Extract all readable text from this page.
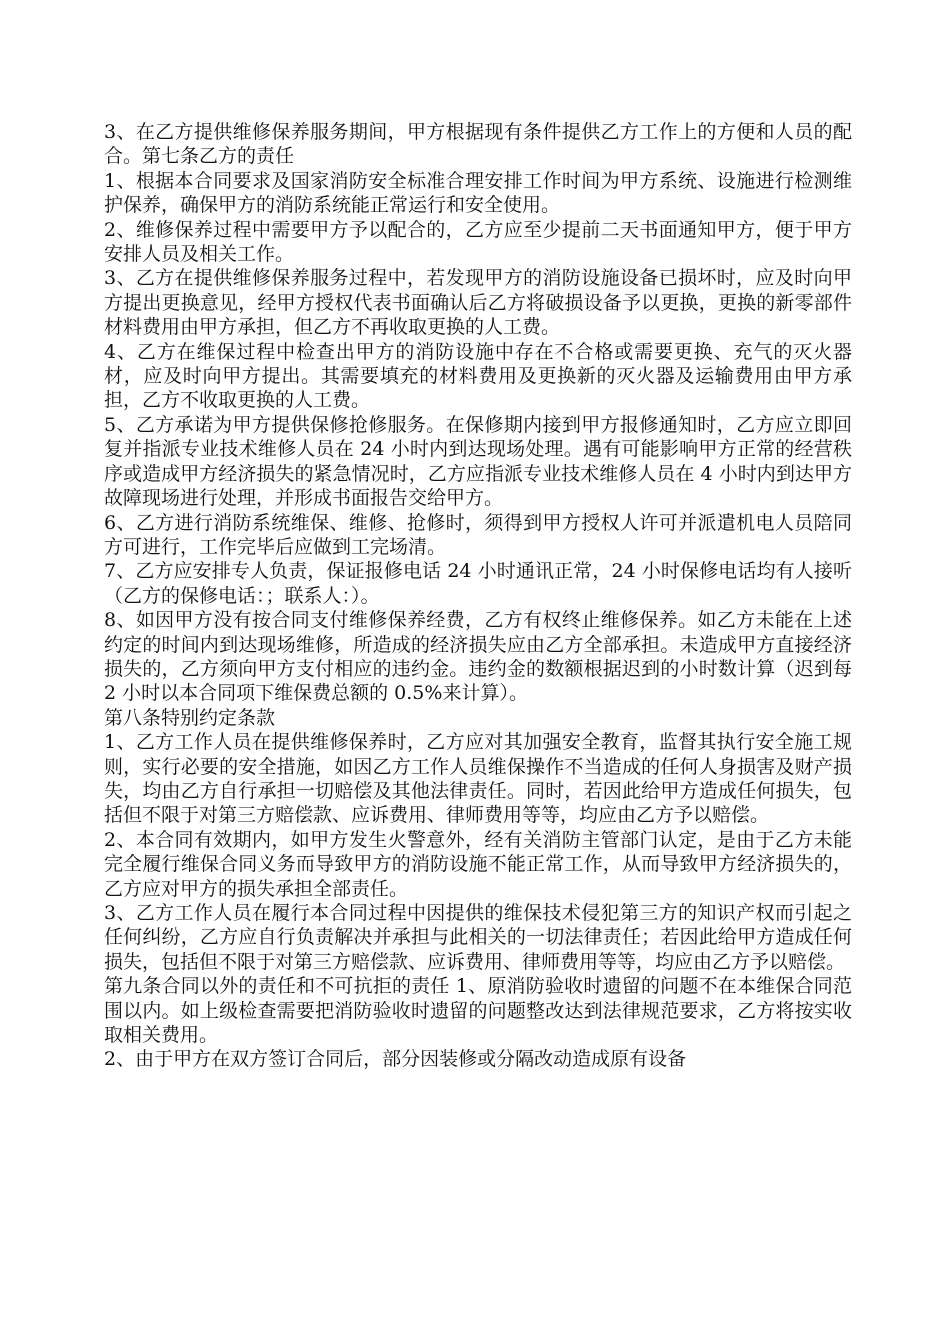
3、在乙方提供维修保养服务期间，甲方根据现有条件提供乙方工作上的方便和人员的配合。第七条乙方的责任

1、根据本合同要求及国家消防安全标准合理安排工作时间为甲方系统、设施进行检测维护保养，确保甲方的消防系统能正常运行和安全使用。

2、维修保养过程中需要甲方予以配合的，乙方应至少提前二天书面通知甲方，便于甲方安排人员及相关工作。

3、乙方在提供维修保养服务过程中，若发现甲方的消防设施设备已损坏时，应及时向甲方提出更换意见，经甲方授权代表书面确认后乙方将破损设备予以更换，更换的新零部件材料费用由甲方承担，但乙方不再收取更换的人工费。

4、乙方在维保过程中检查出甲方的消防设施中存在不合格或需要更换、充气的灭火器材，应及时向甲方提出。其需要填充的材料费用及更换新的灭火器及运输费用由甲方承担，乙方不收取更换的人工费。

5、乙方承诺为甲方提供保修抢修服务。在保修期内接到甲方报修通知时，乙方应立即回复并指派专业技术维修人员在 24 小时内到达现场处理。遇有可能影响甲方正常的经营秩序或造成甲方经济损失的紧急情况时，乙方应指派专业技术维修人员在 4 小时内到达甲方故障现场进行处理，并形成书面报告交给甲方。

6、乙方进行消防系统维保、维修、抢修时，须得到甲方授权人许可并派遣机电人员陪同方可进行，工作完毕后应做到工完场清。

7、乙方应安排专人负责，保证报修电话 24 小时通讯正常，24 小时保修电话均有人接听（乙方的保修电话：；联系人：）。

8、如因甲方没有按合同支付维修保养经费，乙方有权终止维修保养。如乙方未能在上述约定的时间内到达现场维修，所造成的经济损失应由乙方全部承担。未造成甲方直接经济损失的，乙方须向甲方支付相应的违约金。违约金的数额根据迟到的小时数计算（迟到每 2 小时以本合同项下维保费总额的 0.5%来计算）。

第八条特别约定条款

1、乙方工作人员在提供维修保养时，乙方应对其加强安全教育，监督其执行安全施工规则，实行必要的安全措施，如因乙方工作人员维保操作不当造成的任何人身损害及财产损失，均由乙方自行承担一切赔偿及其他法律责任。同时，若因此给甲方造成任何损失，包括但不限于对第三方赔偿款、应诉费用、律师费用等等，均应由乙方予以赔偿。

2、本合同有效期内，如甲方发生火警意外，经有关消防主管部门认定，是由于乙方未能完全履行维保合同义务而导致甲方的消防设施不能正常工作，从而导致甲方经济损失的，乙方应对甲方的损失承担全部责任。

3、乙方工作人员在履行本合同过程中因提供的维保技术侵犯第三方的知识产权而引起之任何纠纷，乙方应自行负责解决并承担与此相关的一切法律责任；若因此给甲方造成任何损失，包括但不限于对第三方赔偿款、应诉费用、律师费用等等，均应由乙方予以赔偿。

第九条合同以外的责任和不可抗拒的责任 1、原消防验收时遗留的问题不在本维保合同范围以内。如上级检查需要把消防验收时遗留的问题整改达到法律规范要求，乙方将按实收取相关费用。

2、由于甲方在双方签订合同后，部分因装修或分隔改动造成原有设备
